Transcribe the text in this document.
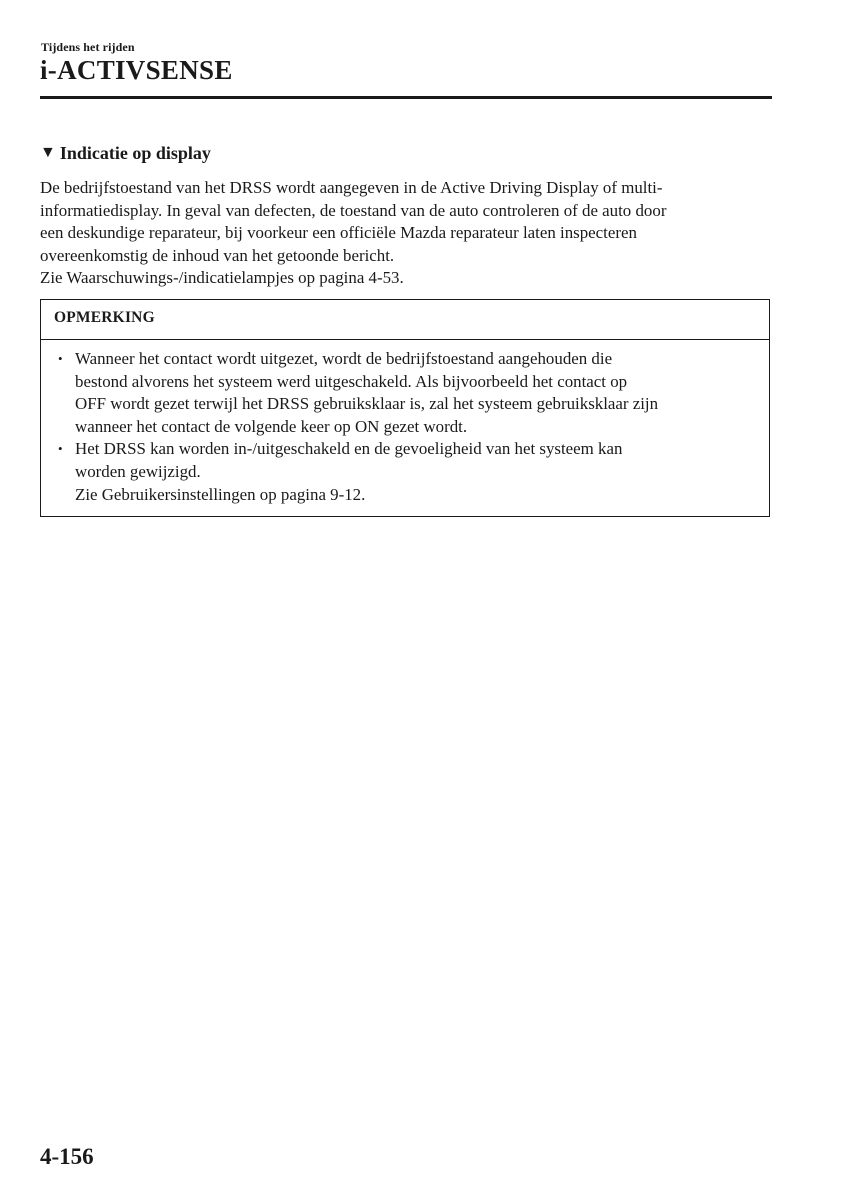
Tijdens het rijden
i-ACTIVSENSE
▼ Indicatie op display

De bedrijfstoestand van het DRSS wordt aangegeven in de Active Driving Display of multi-
informatiedisplay. In geval van defecten, de toestand van de auto controleren of de auto door
een deskundige reparateur, bij voorkeur een officiële Mazda reparateur laten inspecteren
overeenkomstig de inhoud van het getoonde bericht.
Zie Waarschuwings-/indicatielampjes op pagina 4-53.

OPMERKING
• Wanneer het contact wordt uitgezet, wordt de bedrijfstoestand aangehouden die
bestond alvorens het systeem werd uitgeschakeld. Als bijvoorbeeld het contact op
OFF wordt gezet terwijl het DRSS gebruiksklaar is, zal het systeem gebruiksklaar zijn
wanneer het contact de volgende keer op ON gezet wordt.
• Het DRSS kan worden in-/uitgeschakeld en de gevoeligheid van het systeem kan
worden gewijzigd.
Zie Gebruikersinstellingen op pagina 9-12.
4-156
